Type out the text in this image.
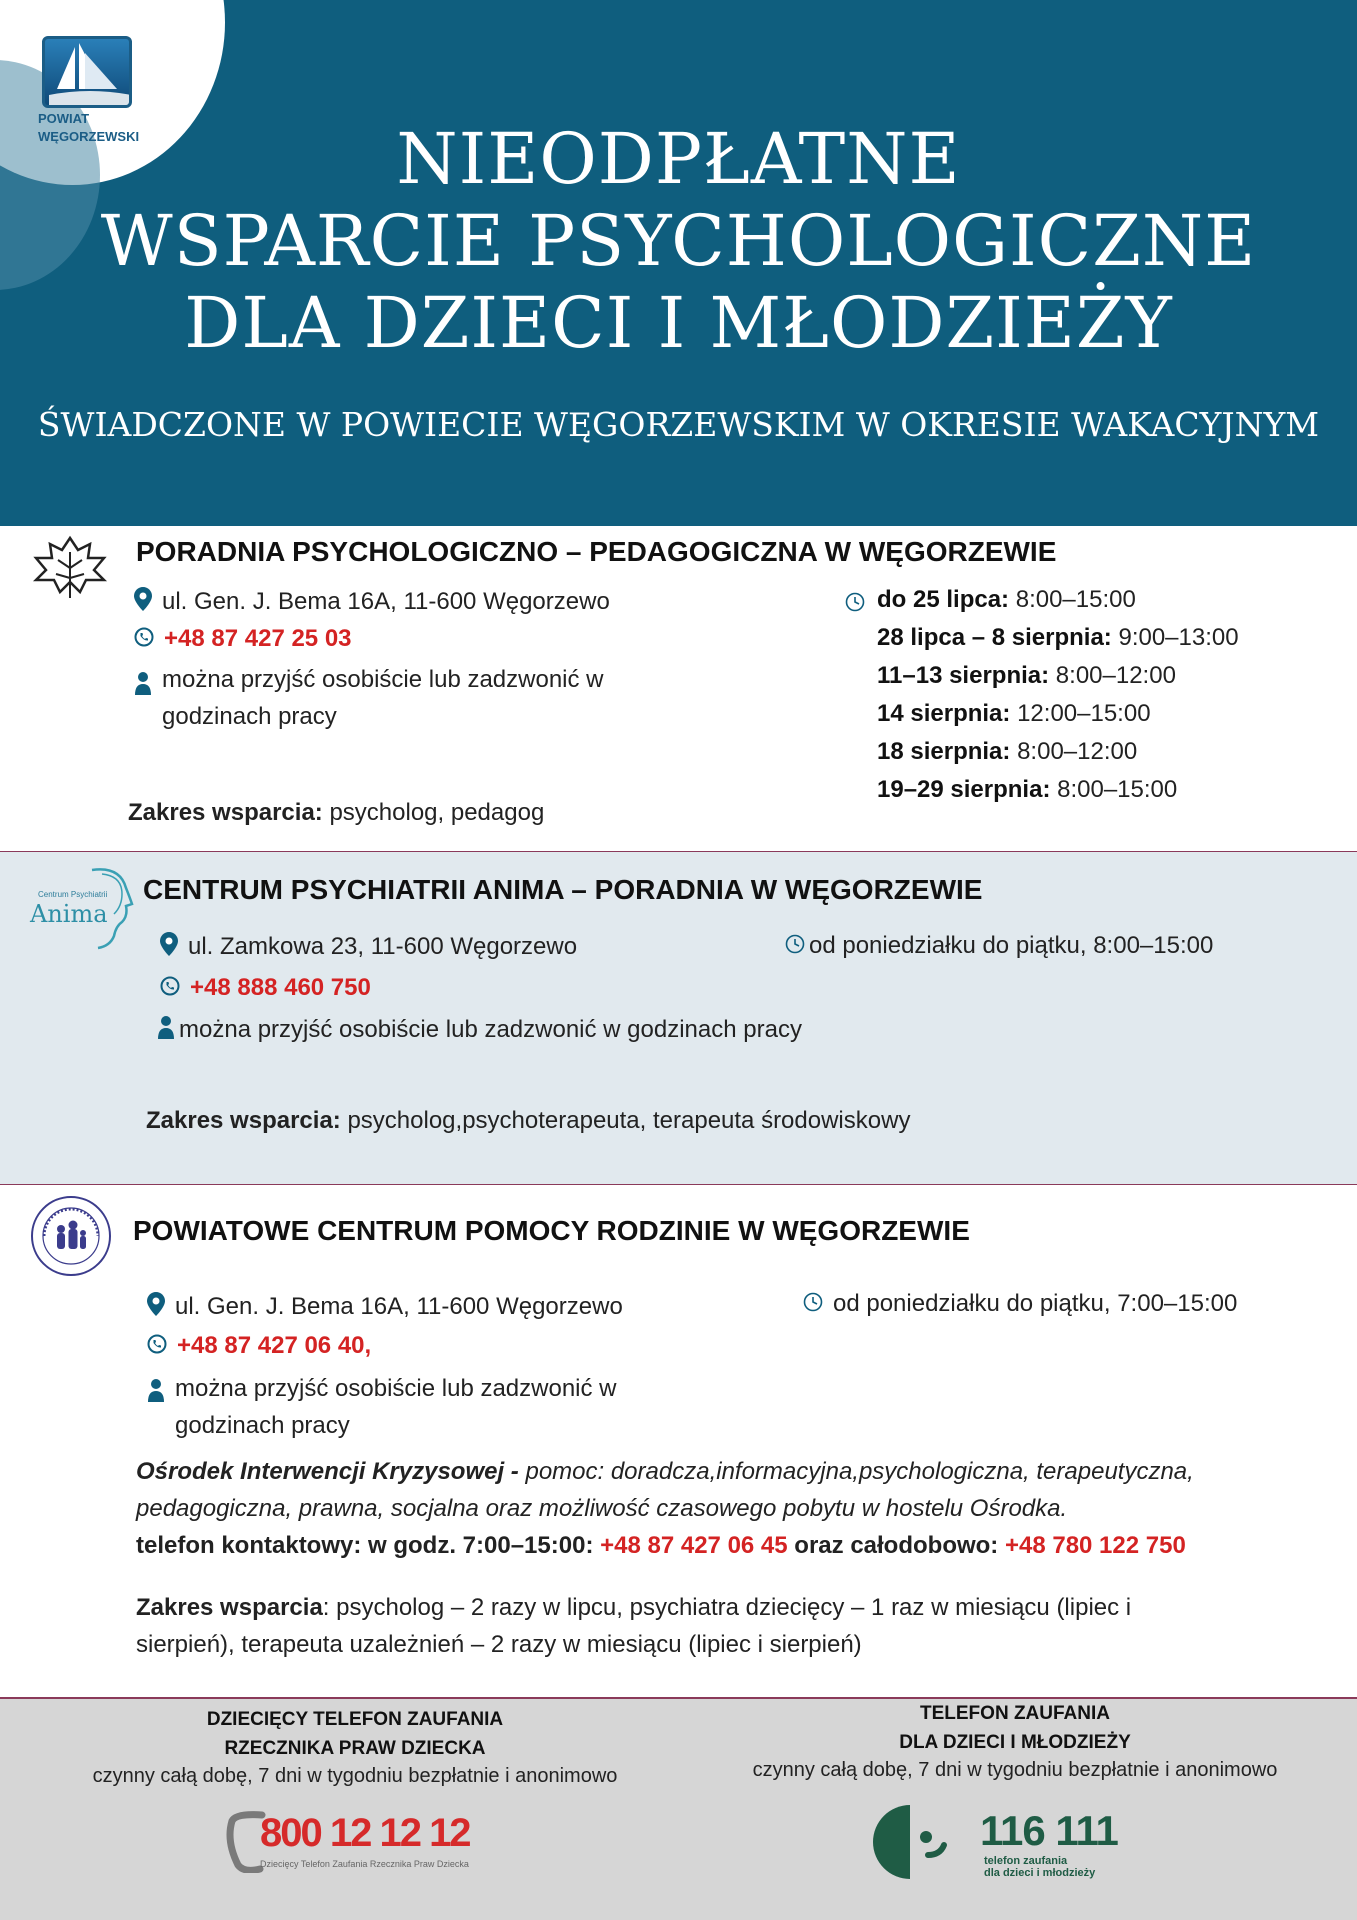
POWIAT
WĘGORZEWSKI	NIEODPŁATNE
WSPARCIE PSYCHOLOGICZNE
DLA DZIECI I MŁODZIEŻY
ŚWIADCZONE W POWIECIE WĘGORZEWSKIM W OKRESIE WAKACYJNYM
PORADNIA PSYCHOLOGICZNO – PEDAGOGICZNA W WĘGORZEWIE
ul. Gen. J. Bema 16A, 11-600 Węgorzewo
+48 87 427 25 03
można przyjść osobiście lub zadzwonić w
godzinach pracy
Zakres wsparcia: psycholog, pedagog
do 25 lipca: 8:00–15:00
28 lipca – 8 sierpnia: 9:00–13:00
11–13 sierpnia: 8:00–12:00
14 sierpnia: 12:00–15:00
18 sierpnia: 8:00–12:00
19–29 sierpnia: 8:00–15:00
Centrum Psychiatrii
Anima
CENTRUM PSYCHIATRII ANIMA – PORADNIA W WĘGORZEWIE
ul. Zamkowa 23, 11-600 Węgorzewo	od poniedziałku do piątku, 8:00–15:00
+48 888 460 750
można przyjść osobiście lub zadzwonić w godzinach pracy
Zakres wsparcia: psycholog,psychoterapeuta, terapeuta środowiskowy
POWIATOWE CENTRUM POMOCY RODZINIE W WĘGORZEWIE
ul. Gen. J. Bema 16A, 11-600 Węgorzewo	od poniedziałku do piątku, 7:00–15:00
+48 87 427 06 40,
można przyjść osobiście lub zadzwonić w
godzinach pracy
Ośrodek Interwencji Kryzysowej - pomoc: doradcza,informacyjna,psychologiczna, terapeutyczna,
pedagogiczna, prawna, socjalna oraz możliwość czasowego pobytu w hostelu Ośrodka.
telefon kontaktowy: w godz. 7:00–15:00: +48 87 427 06 45 oraz całodobowo: +48 780 122 750
Zakres wsparcia: psycholog – 2 razy w lipcu, psychiatra dziecięcy – 1 raz w miesiącu (lipiec i
sierpień), terapeuta uzależnień – 2 razy w miesiącu (lipiec i sierpień)
DZIECIĘCY TELEFON ZAUFANIA
RZECZNIKA PRAW DZIECKA
czynny całą dobę, 7 dni w tygodniu bezpłatnie i anonimowo
800 12 12 12
Dziecięcy Telefon Zaufania Rzecznika Praw Dziecka
TELEFON ZAUFANIA
DLA DZIECI I MŁODZIEŻY
czynny całą dobę, 7 dni w tygodniu bezpłatnie i anonimowo
116 111
telefon zaufania
dla dzieci i młodzieży
